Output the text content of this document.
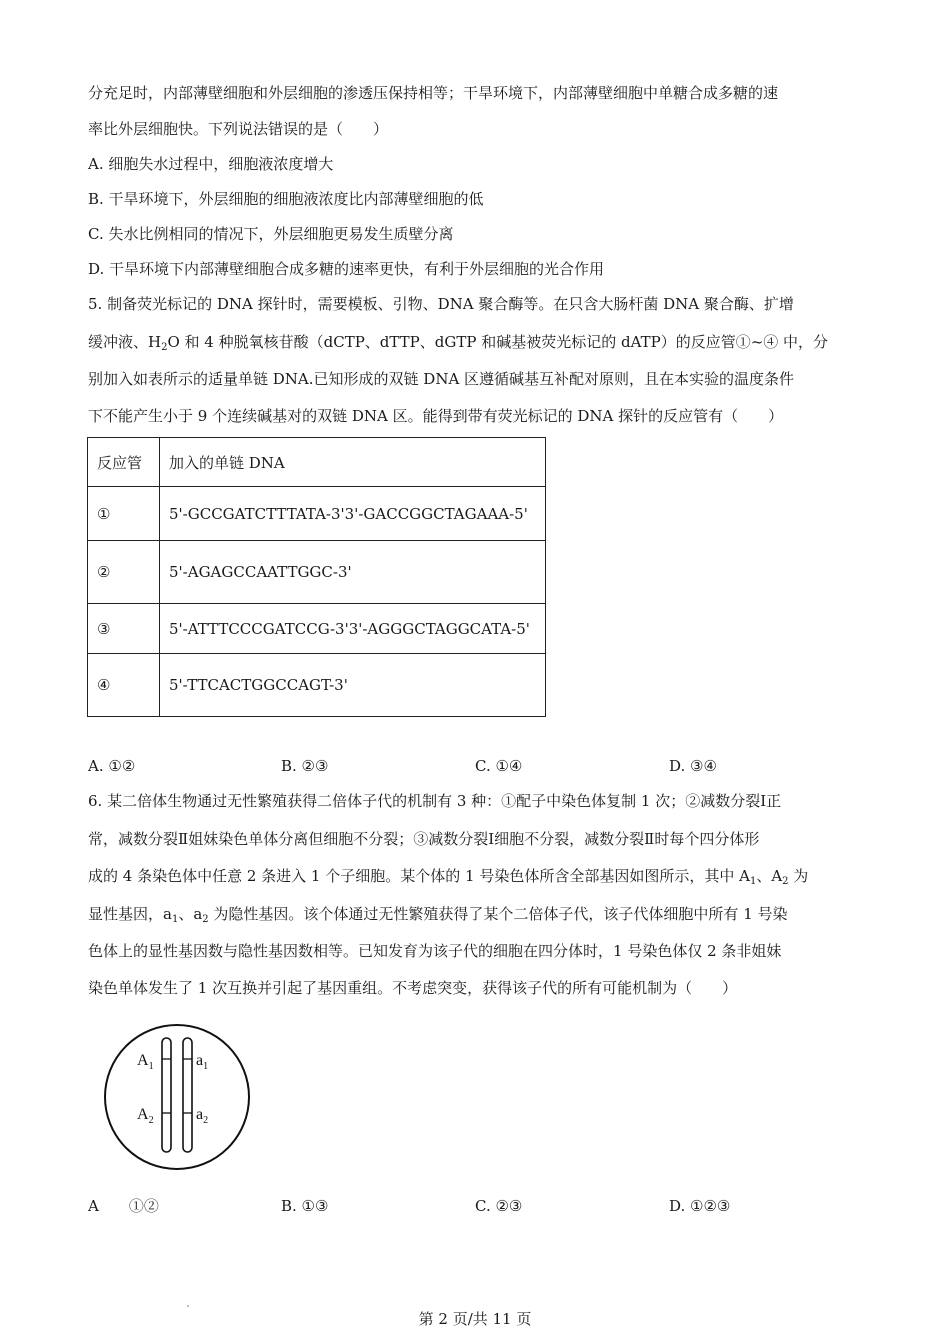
分充足时，内部薄壁细胞和外层细胞的渗透压保持相等；干旱环境下，内部薄壁细胞中单糖合成多糖的速
率比外层细胞快。下列说法错误的是（　　）
A. 细胞失水过程中，细胞液浓度增大
B. 干旱环境下，外层细胞的细胞液浓度比内部薄壁细胞的低
C. 失水比例相同的情况下，外层细胞更易发生质壁分离
D. 干旱环境下内部薄壁细胞合成多糖的速率更快，有利于外层细胞的光合作用
5. 制备荧光标记的 DNA 探针时，需要模板、引物、DNA 聚合酶等。在只含大肠杆菌 DNA 聚合酶、扩增
缓冲液、$H_2O$ 和 4 种脱氧核苷酸（dCTP、dTTP、dGTP 和碱基被荧光标记的 dATP）的反应管①~④ 中，分
别加入如表所示的适量单链 DNA.已知形成的双链 DNA 区遵循碱基互补配对原则，且在本实验的温度条件
下不能产生小于 9 个连续碱基对的双链 DNA 区。能得到带有荧光标记的 DNA 探针的反应管有（　　）
反应管	加入的单链 DNA
①	5'-GCCGATCTTTATA-3'3'-GACCGGCTAGAAA-5'
②	5'-AGAGCCAATTGGC-3'
③	5'-ATTTCCCGATCCG-3'3'-AGGGCTAGGCATA-5'
④	5'-TTCACTGGCCAGT-3'
A. ①②	B. ②③	C. ①④	D. ③④
6. 某二倍体生物通过无性繁殖获得二倍体子代的机制有 3 种：①配子中染色体复制 1 次；②减数分裂Ⅰ正
常，减数分裂Ⅱ姐妹染色单体分离但细胞不分裂；③减数分裂Ⅰ细胞不分裂，减数分裂Ⅱ时每个四分体形
成的 4 条染色体中任意 2 条进入 1 个子细胞。某个体的 1 号染色体所含全部基因如图所示，其中 $A_1$、$A_2$ 为
显性基因，$a_1$、$a_2$ 为隐性基因。该个体通过无性繁殖获得了某个二倍体子代，该子代体细胞中所有 1 号染
色体上的显性基因数与隐性基因数相等。已知发育为该子代的细胞在四分体时，1 号染色体仅 2 条非姐妹
染色单体发生了 1 次互换并引起了基因重组。不考虑突变，获得该子代的所有可能机制为（　　）
$A_1$
$A_2$
$a_1$
$a_2$
A　　①②	B. ①③	C. ②③	D. ①②③
第 2 页/共 11 页
